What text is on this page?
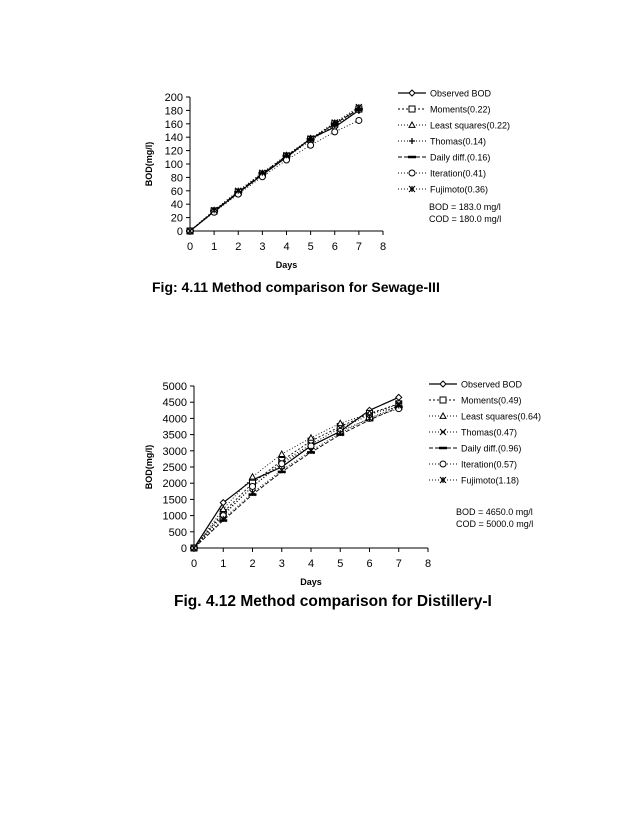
0
20
40
60
80
100
120
140
160
180
200
0 1 2 3 4 5 6 7 8
Days
BOD(mg/l)
Observed BOD
Moments(0.22)
Least squares(0.22)
Thomas(0.14)
Daily diff.(0.16)
Iteration(0.41)
Fujimoto(0.36)
BOD = 183.0 mg/l
COD = 180.0 mg/l
0
500
1000
1500
2000
2500
3000
3500
4000
4500
5000
0 1 2 3 4 5 6 7 8
Days
BOD(mg/l)
Observed BOD
Moments(0.49)
Least squares(0.64)
Thomas(0.47)
Daily diff.(0.96)
Iteration(0.57)
Fujimoto(1.18)
BOD = 4650.0 mg/l
COD = 5000.0 mg/l
Fig: 4.11 Method comparison for Sewage-III
Fig. 4.12 Method comparison for Distillery-I
